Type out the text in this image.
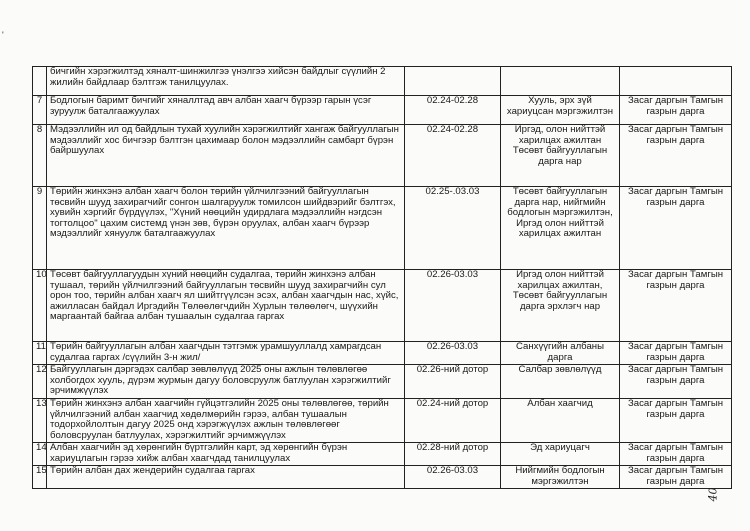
'
	бичгийн хэрэгжилтэд хяналт-шинжилгээ үнэлгээ хийсэн байдлыг сүүлийн 2 жилийн байдлаар бэлтгэж танилцуулах.			
7	Бодлогын баримт бичгийг хяналлтад авч албан хаагч бүрээр гарын үсэг зуруулж баталгаажуулах	02.24-02.28	Хууль, эрх зүй хариуцсан мэргэжилтэн	Засаг даргын Тамгын газрын дарга
8	Мэдээллийн ил од байдлын тухай хуулийн хэрэгжилтийг хангаж байгууллагын мэдээллийг хос бичгээр бэлтгэн цахимаар болон мэдээллийн самбарт бүрэн байршуулах	02.24-02.28	Иргэд, олон нийттэй харилцах ажилтан Төсөвт байгууллагын дарга нар	Засаг даргын Тамгын газрын дарга
9	Төрийн жинхэнэ албан хаагч болон төрийн үйлчилгээний байгууллагын төсвийн шууд захирагчийг сонгон шалгаруулж томилсон шийдвэрийг бэлтгэх, хувийн хэргийг бүрдүүлэх, "Хүний нөөцийн удирдлага мэдээллийн нэгдсэн тогтолцоо" цахим системд үнэн зөв, бүрэн оруулах, албан хаагч бүрээр мэдээллийг хянуулж баталгаажуулах	02.25-.03.03	Төсөвт байгууллагын дарга нар, нийгмийн бодлогын мэргэжилтэн, Иргэд олон нийттэй харилцах ажилтан	Засаг даргын Тамгын газрын дарга
10	Төсөвт байгууллагуудын хүний нөөцийн судалгаа, төрийн жинхэнэ албан тушаал, төрийн үйлчилгээний байгууллагын төсвийн шууд захирагчийн сул орон тоо, төрийн албан хаагч ял шийтгүүлсэн эсэх, албан хаагчдын нас, хүйс, ажилласан байдал Иргэдийн Төлөөлөгчдийн Хурлын төлөөлөгч, шүүхийн маргаантай байгаа албан тушаалын судалгаа гаргах	02.26-03.03	Иргэд олон нийттэй харилцах ажилтан, Төсөвт байгууллагын дарга эрхлэгч нар	Засаг даргын Тамгын газрын дарга
11	Төрийн байгууллагын албан хаагчдын тэтгэмж урамшууллалд хамрагдсан судалгаа гаргах /сүүлийн 3-н жил/	02.26-03.03	Санхүүгийн албаны дарга	Засаг даргын Тамгын газрын дарга
12	Байгууллагын дэргэдэх салбар зөвлөлүүд 2025 оны ажлын төлөвлөгөө холбогдох хууль, дүрэм журмын дагуу боловсруулж батлуулан хэрэгжилтийг эрчимжүүлэх	02.26-ний дотор	Салбар зөвлөлүүд	Засаг даргын Тамгын газрын дарга
13	Төрийн жинхэнэ албан хаагчийн гүйцэтгэлийн 2025 оны төлөвлөгөө, төрийн үйлчилгээний албан хаагчид хөдөлмөрийн гэрээ, албан тушаалын тодорхойлолтын дагуу 2025 онд хэрэгжүүлэх ажлын төлөвлөгөөг боловсруулан батлуулах, хэрэгжилтийг эрчимжүүлэх	02.24-ний дотор	Албан хаагчид	Засаг даргын Тамгын газрын дарга
14	Албан хаагчийн эд хөрөнгийн бүртгэлийн карт, эд хөрөнгийн бүрэн хариуцлагын гэрээ хийж албан хаагчдад танилцуулах	02.28-ний дотор	Эд хариуцагч	Засаг даргын Тамгын газрын дарга
15	Төрийн албан дах жендерийн судалгаа гаргах	02.26-03.03	Нийгмийн бодлогын мэргэжилтэн	Засаг даргын Тамгын газрын дарга
40
